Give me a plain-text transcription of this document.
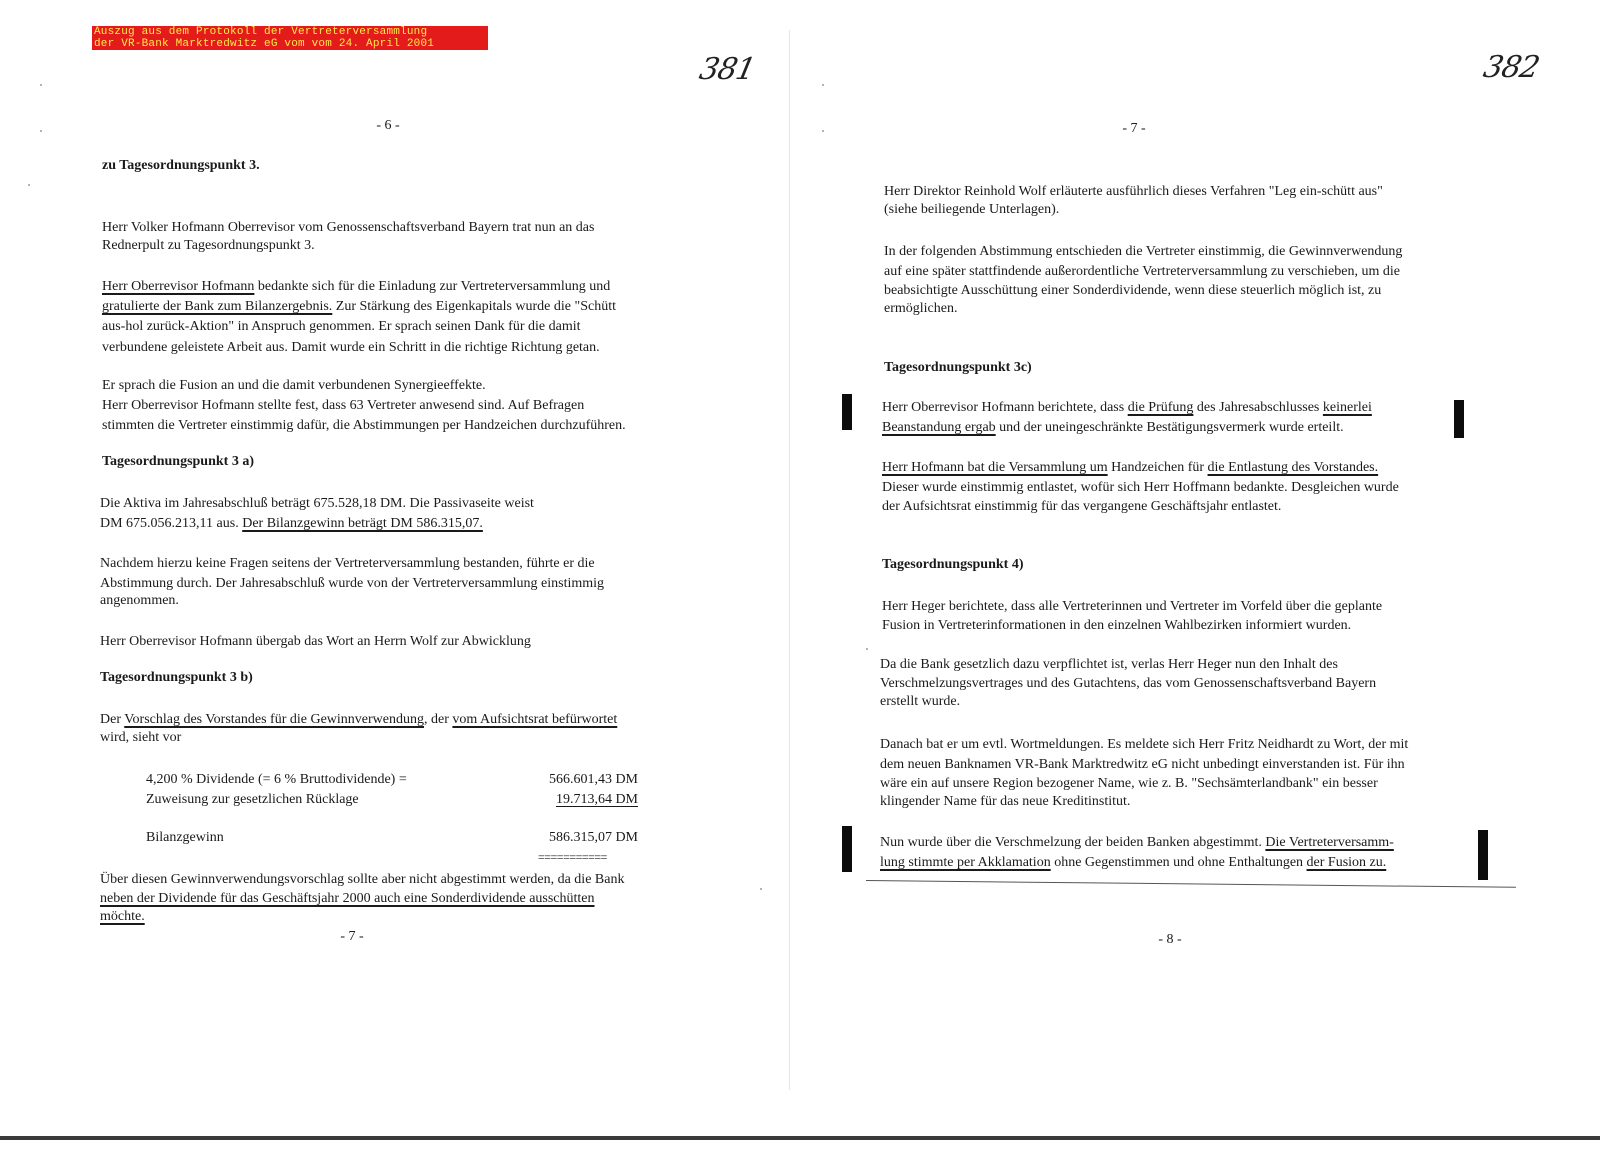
Auszug aus dem Protokoll der Vertreterversammlung
der VR-Bank Marktredwitz eG vom vom 24. April 2001
381	382
- 6 -
zu Tagesordnungspunkt 3.
Herr Volker Hofmann Oberrevisor vom Genossenschaftsverband Bayern trat nun an das
Rednerpult zu Tagesordnungspunkt 3.
Herr Oberrevisor Hofmann bedankte sich für die Einladung zur Vertreterversammlung und
gratulierte der Bank zum Bilanzergebnis. Zur Stärkung des Eigenkapitals wurde die "Schütt
aus-hol zurück-Aktion" in Anspruch genommen. Er sprach seinen Dank für die damit
verbundene geleistete Arbeit aus. Damit wurde ein Schritt in die richtige Richtung getan.
Er sprach die Fusion an und die damit verbundenen Synergieeffekte.
Herr Oberrevisor Hofmann stellte fest, dass 63 Vertreter anwesend sind. Auf Befragen
stimmten die Vertreter einstimmig dafür, die Abstimmungen per Handzeichen durchzuführen.
Tagesordnungspunkt 3 a)
Die Aktiva im Jahresabschluß beträgt 675.528,18 DM. Die Passivaseite weist
DM 675.056.213,11 aus. Der Bilanzgewinn beträgt DM 586.315,07.
Nachdem hierzu keine Fragen seitens der Vertreterversammlung bestanden, führte er die
Abstimmung durch. Der Jahresabschluß wurde von der Vertreterversammlung einstimmig
angenommen.
Herr Oberrevisor Hofmann übergab das Wort an Herrn Wolf zur Abwicklung
Tagesordnungspunkt 3 b)
Der Vorschlag des Vorstandes für die Gewinnverwendung, der vom Aufsichtsrat befürwortet
wird, sieht vor
4,200 % Dividende (= 6 % Bruttodividende) =	566.601,43 DM
Zuweisung zur gesetzlichen Rücklage	19.713,64 DM
Bilanzgewinn	586.315,07 DM
===========
Über diesen Gewinnverwendungsvorschlag sollte aber nicht abgestimmt werden, da die Bank
neben der Dividende für das Geschäftsjahr 2000 auch eine Sonderdividende ausschütten
möchte.
- 7 -
- 7 -
Herr Direktor Reinhold Wolf erläuterte ausführlich dieses Verfahren "Leg ein-schütt aus"
(siehe beiliegende Unterlagen).
In der folgenden Abstimmung entschieden die Vertreter einstimmig, die Gewinnverwendung
auf eine später stattfindende außerordentliche Vertreterversammlung zu verschieben, um die
beabsichtigte Ausschüttung einer Sonderdividende, wenn diese steuerlich möglich ist, zu
ermöglichen.
Tagesordnungspunkt 3c)
Herr Oberrevisor Hofmann berichtete, dass die Prüfung des Jahresabschlusses keinerlei
Beanstandung ergab und der uneingeschränkte Bestätigungsvermerk wurde erteilt.
Herr Hofmann bat die Versammlung um Handzeichen für die Entlastung des Vorstandes.
Dieser wurde einstimmig entlastet, wofür sich Herr Hoffmann bedankte. Desgleichen wurde
der Aufsichtsrat einstimmig für das vergangene Geschäftsjahr entlastet.
Tagesordnungspunkt 4)
Herr Heger berichtete, dass alle Vertreterinnen und Vertreter im Vorfeld über die geplante
Fusion in Vertreterinformationen in den einzelnen Wahlbezirken informiert wurden.
Da die Bank gesetzlich dazu verpflichtet ist, verlas Herr Heger nun den Inhalt des
Verschmelzungsvertrages und des Gutachtens, das vom Genossenschaftsverband Bayern
erstellt wurde.
Danach bat er um evtl. Wortmeldungen. Es meldete sich Herr Fritz Neidhardt zu Wort, der mit
dem neuen Banknamen VR-Bank Marktredwitz eG nicht unbedingt einverstanden ist. Für ihn
wäre ein auf unsere Region bezogener Name, wie z. B. "Sechsämterlandbank" ein besser
klingender Name für das neue Kreditinstitut.
Nun wurde über die Verschmelzung der beiden Banken abgestimmt. Die Vertreterversamm-
lung stimmte per Akklamation ohne Gegenstimmen und ohne Enthaltungen der Fusion zu.
- 8 -
